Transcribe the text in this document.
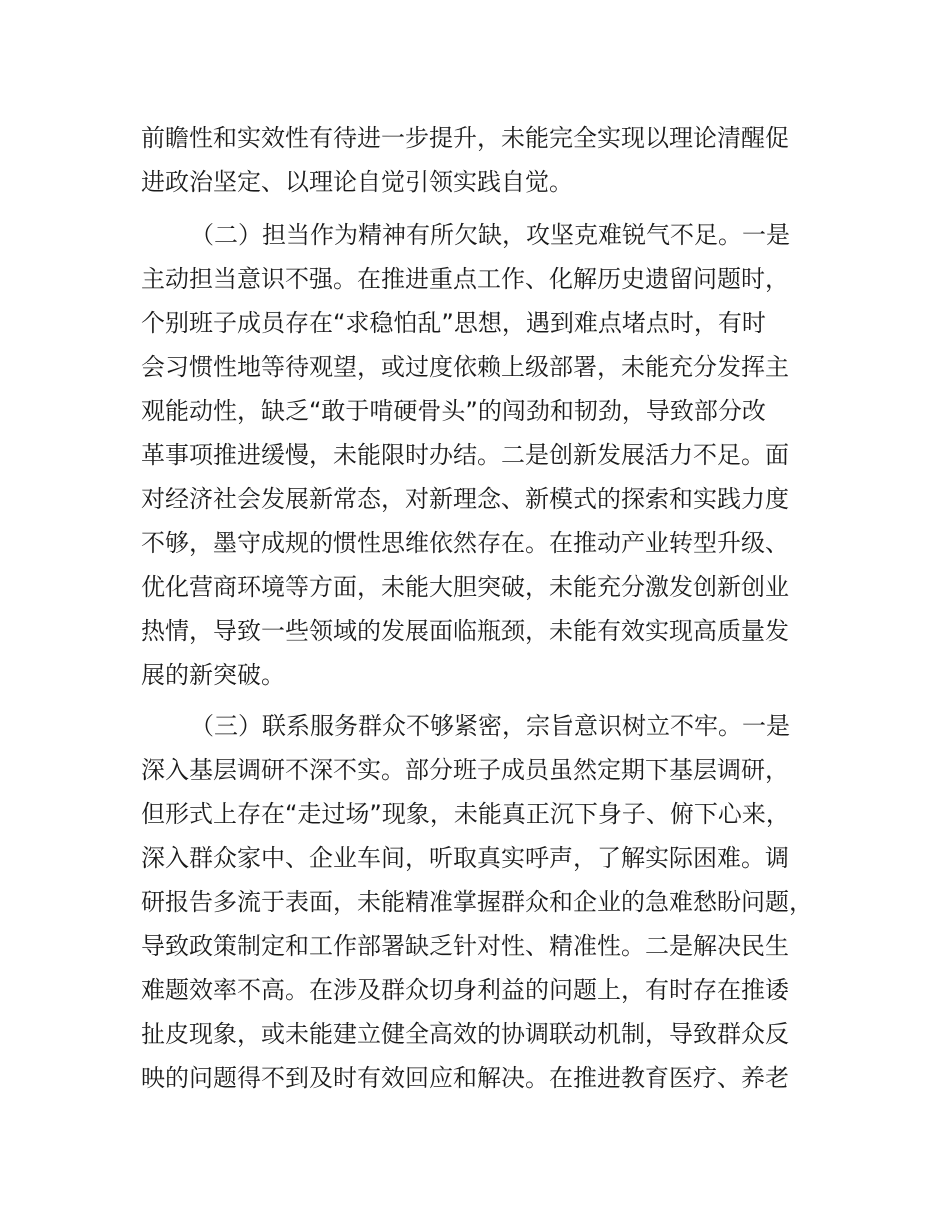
前瞻性和实效性有待进一步提升，未能完全实现以理论清醒促
进政治坚定、以理论自觉引领实践自觉。
（二）担当作为精神有所欠缺，攻坚克难锐气不足。一是
主动担当意识不强。在推进重点工作、化解历史遗留问题时，
个别班子成员存在“求稳怕乱”思想，遇到难点堵点时，有时
会习惯性地等待观望，或过度依赖上级部署，未能充分发挥主
观能动性，缺乏“敢于啃硬骨头”的闯劲和韧劲，导致部分改
革事项推进缓慢，未能限时办结。二是创新发展活力不足。面
对经济社会发展新常态，对新理念、新模式的探索和实践力度
不够，墨守成规的惯性思维依然存在。在推动产业转型升级、
优化营商环境等方面，未能大胆突破，未能充分激发创新创业
热情，导致一些领域的发展面临瓶颈，未能有效实现高质量发
展的新突破。
（三）联系服务群众不够紧密，宗旨意识树立不牢。一是
深入基层调研不深不实。部分班子成员虽然定期下基层调研，
但形式上存在“走过场”现象，未能真正沉下身子、俯下心来，
深入群众家中、企业车间，听取真实呼声，了解实际困难。调
研报告多流于表面，未能精准掌握群众和企业的急难愁盼问题，
导致政策制定和工作部署缺乏针对性、精准性。二是解决民生
难题效率不高。在涉及群众切身利益的问题上，有时存在推诿
扯皮现象，或未能建立健全高效的协调联动机制，导致群众反
映的问题得不到及时有效回应和解决。在推进教育医疗、养老
